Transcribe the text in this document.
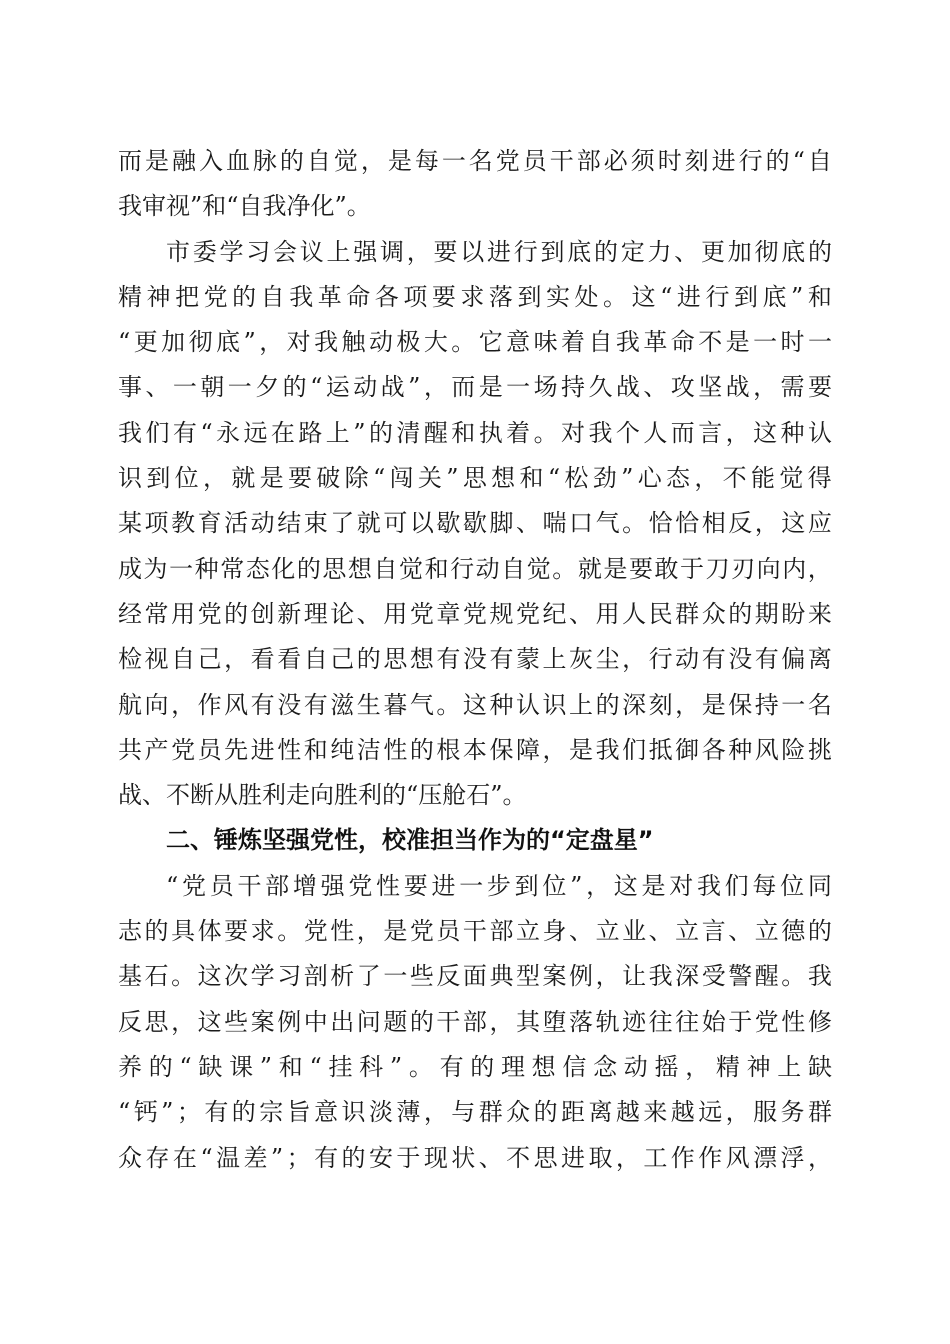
而 是 融 入 血 脉 的 自 觉 ， 是 每 一 名 党 员 干 部 必 须 时 刻 进 行 的 “ 自
我审视”和“自我净化”。
市 委 学 习 会 议 上 强 调 ， 要 以 进 行 到 底 的 定 力 、 更 加 彻 底 的
精 神 把 党 的 自 我 革 命 各 项 要 求 落 到 实 处 。 这 “ 进 行 到 底 ” 和
“ 更 加 彻 底 ” ， 对 我 触 动 极 大 。 它 意 味 着 自 我 革 命 不 是 一 时 一
事 、 一 朝 一 夕 的 “ 运 动 战 ” ， 而 是 一 场 持 久 战 、 攻 坚 战 ， 需 要
我 们 有 “ 永 远 在 路 上 ” 的 清 醒 和 执 着 。 对 我 个 人 而 言 ， 这 种 认
识 到 位 ， 就 是 要 破 除 “ 闯 关 ” 思 想 和 “ 松 劲 ” 心 态 ， 不 能 觉 得
某 项 教 育 活 动 结 束 了 就 可 以 歇 歇 脚 、 喘 口 气 。 恰 恰 相 反 ， 这 应
成 为 一 种 常 态 化 的 思 想 自 觉 和 行 动 自 觉 。 就 是 要 敢 于 刀 刃 向 内 ，
经 常 用 党 的 创 新 理 论 、 用 党 章 党 规 党 纪 、 用 人 民 群 众 的 期 盼 来
检 视 自 己 ， 看 看 自 己 的 思 想 有 没 有 蒙 上 灰 尘 ， 行 动 有 没 有 偏 离
航 向 ， 作 风 有 没 有 滋 生 暮 气 。 这 种 认 识 上 的 深 刻 ， 是 保 持 一 名
共 产 党 员 先 进 性 和 纯 洁 性 的 根 本 保 障 ， 是 我 们 抵 御 各 种 风 险 挑
战、不断从胜利走向胜利的“压舱石”。
二、锤炼坚强党性，校准担当作为的“定盘星”
“ 党 员 干 部 增 强 党 性 要 进 一 步 到 位 ” ， 这 是 对 我 们 每 位 同
志 的 具 体 要 求 。 党 性 ， 是 党 员 干 部 立 身 、 立 业 、 立 言 、 立 德 的
基 石 。 这 次 学 习 剖 析 了 一 些 反 面 典 型 案 例 ， 让 我 深 受 警 醒 。 我
反 思 ， 这 些 案 例 中 出 问 题 的 干 部 ， 其 堕 落 轨 迹 往 往 始 于 党 性 修
养 的 “ 缺 课 ” 和 “ 挂 科 ” 。 有 的 理 想 信 念 动 摇 ， 精 神 上 缺
“ 钙 ” ； 有 的 宗 旨 意 识 淡 薄 ， 与 群 众 的 距 离 越 来 越 远 ， 服 务 群
众 存 在 “ 温 差 ” ； 有 的 安 于 现 状 、 不 思 进 取 ， 工 作 作 风 漂 浮 ，
